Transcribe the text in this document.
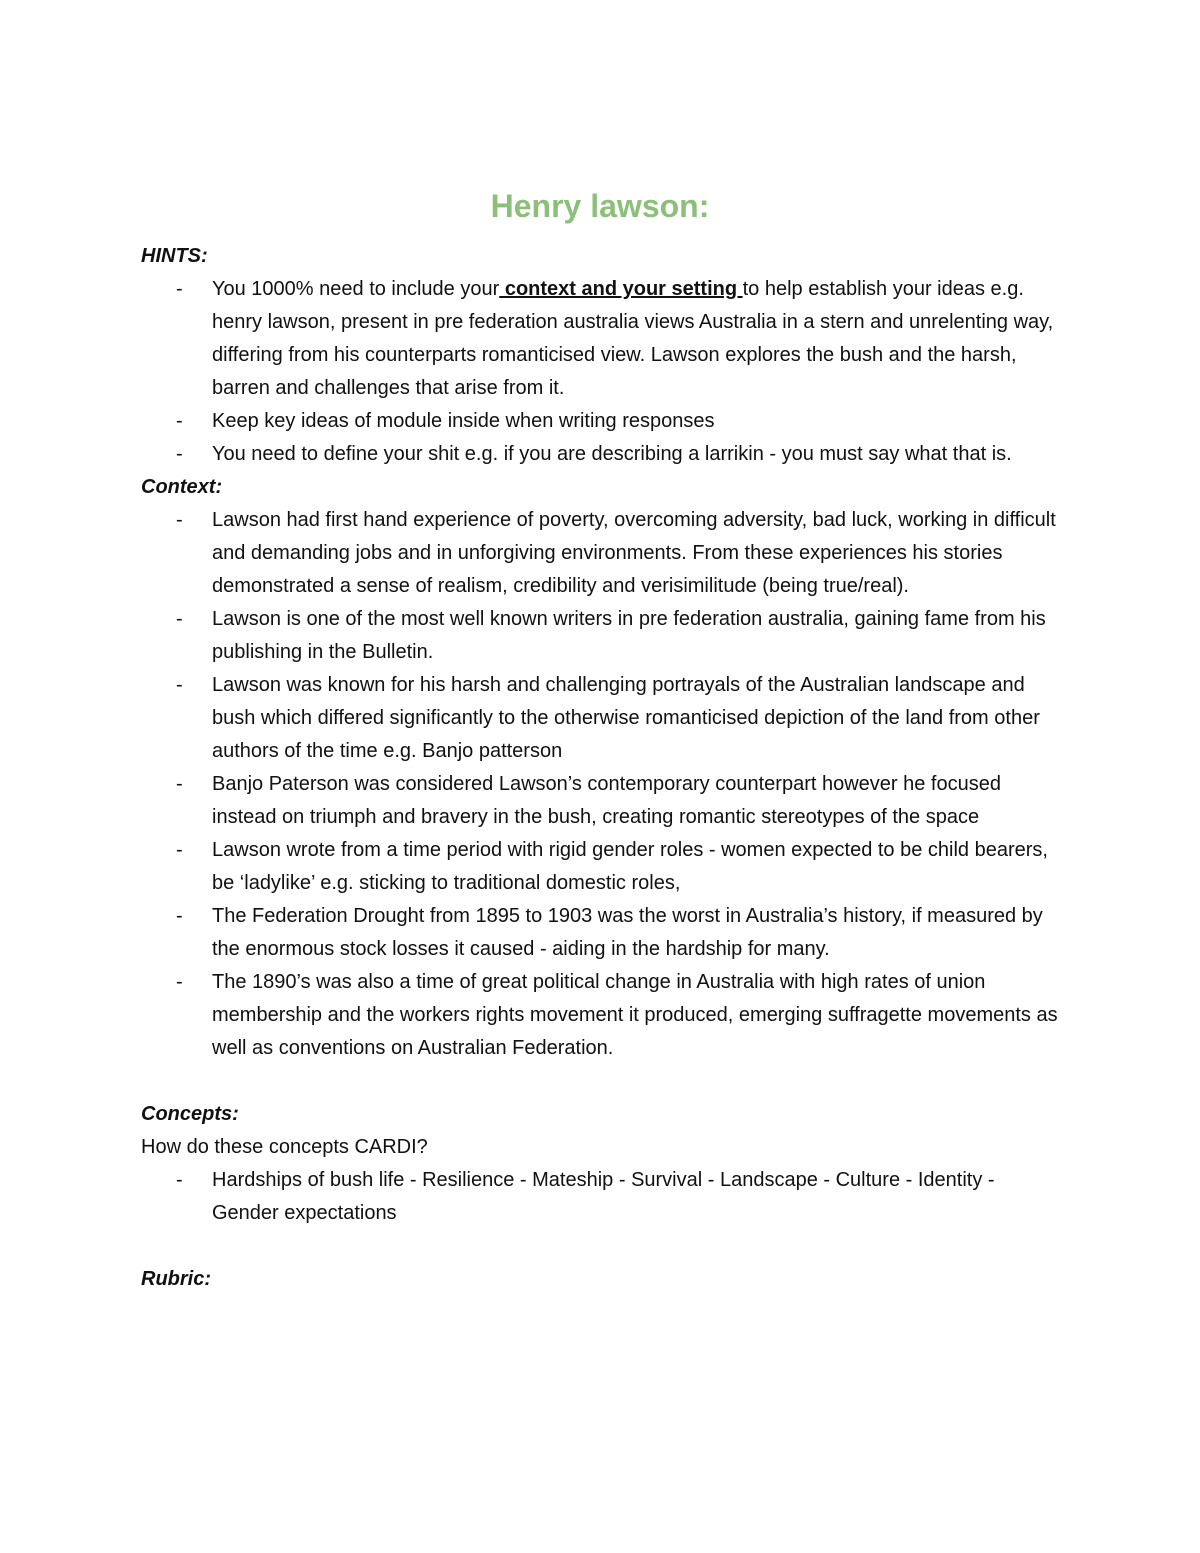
Henry lawson:

HINTS:

- You 1000% need to include your context and your setting to help establish your ideas e.g. henry lawson, present in pre federation australia views Australia in a stern and unrelenting way, differing from his counterparts romanticised view. Lawson explores the bush and the harsh, barren and challenges that arise from it.
- Keep key ideas of module inside when writing responses
- You need to define your shit e.g. if you are describing a larrikin - you must say what that is.

Context:

- Lawson had first hand experience of poverty, overcoming adversity, bad luck, working in difficult and demanding jobs and in unforgiving environments. From these experiences his stories demonstrated a sense of realism, credibility and verisimilitude (being true/real).
- Lawson is one of the most well known writers in pre federation australia, gaining fame from his publishing in the Bulletin.
- Lawson was known for his harsh and challenging portrayals of the Australian landscape and bush which differed significantly to the otherwise romanticised depiction of the land from other authors of the time e.g. Banjo patterson
- Banjo Paterson was considered Lawson’s contemporary counterpart however he focused instead on triumph and bravery in the bush, creating romantic stereotypes of the space
- Lawson wrote from a time period with rigid gender roles - women expected to be child bearers, be ‘ladylike’ e.g. sticking to traditional domestic roles,
- The Federation Drought from 1895 to 1903 was the worst in Australia’s history, if measured by the enormous stock losses it caused - aiding in the hardship for many.
- The 1890’s was also a time of great political change in Australia with high rates of union membership and the workers rights movement it produced, emerging suffragette movements as well as conventions on Australian Federation.

Concepts:

How do these concepts CARDI?

- Hardships of bush life - Resilience - Mateship - Survival - Landscape - Culture - Identity - Gender expectations

Rubric:
